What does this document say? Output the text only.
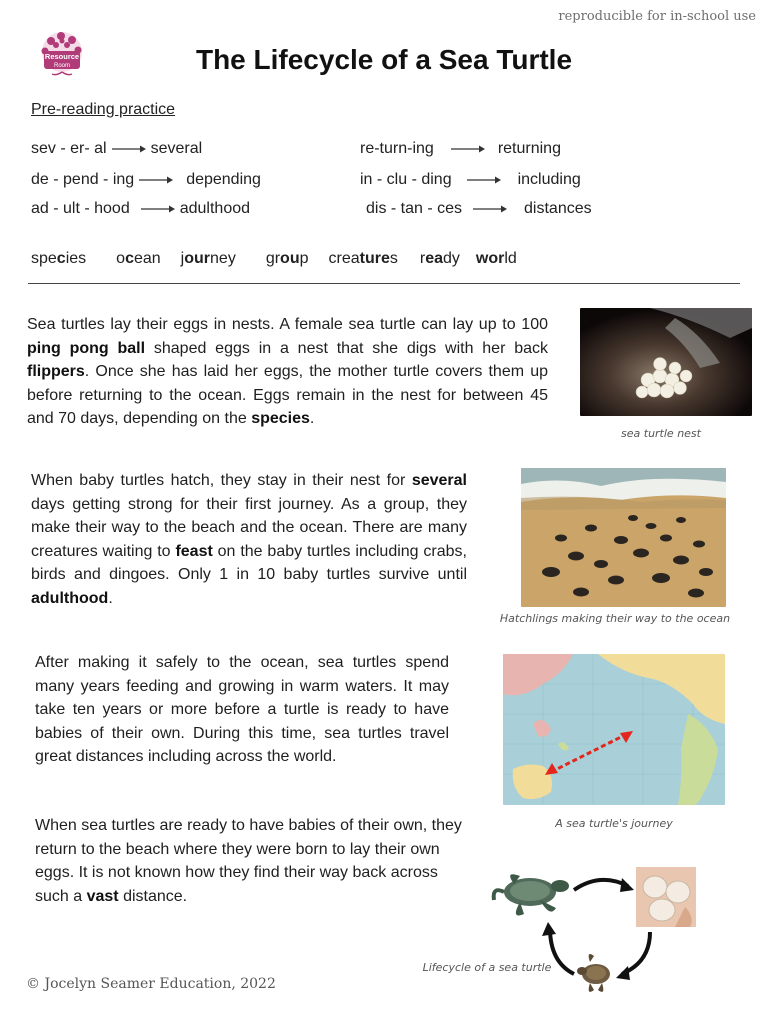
reproducible for in-school use
Resource
Room	The Lifecycle of a Sea Turtle
Pre-reading practice
sev - er- al	several
de - pend - ing	depending
ad - ult - hood	adulthood
re-turn-ing	returning
in - clu - ding	including
dis - tan - ces	distances
species ocean journey group creatures ready world
Sea turtles lay their eggs in nests. A female sea turtle can lay up to 100 ping pong ball shaped eggs in a nest that she digs with her back flippers. Once she has laid her eggs, the mother turtle covers them up before returning to the ocean. Eggs remain in the nest for between 45 and 70 days, depending on the species.
sea turtle nest
When baby turtles hatch, they stay in their nest for several days getting strong for their first journey. As a group, they make their way to the beach and the ocean. There are many creatures waiting to feast on the baby turtles including crabs, birds and dingoes. Only 1 in 10 baby turtles survive until adulthood.
Hatchlings making their way to the ocean
After making it safely to the ocean, sea turtles spend many years feeding and growing in warm waters. It may take ten years or more before a turtle is ready to have babies of their own. During this time, sea turtles travel great distances including across the world.
A sea turtle's journey
When sea turtles are ready to have babies of their own, they return to the beach where they were born to lay their own eggs. It is not known how they find their way back across such a vast distance.
Lifecycle of a sea turtle
© Jocelyn Seamer Education, 2022
